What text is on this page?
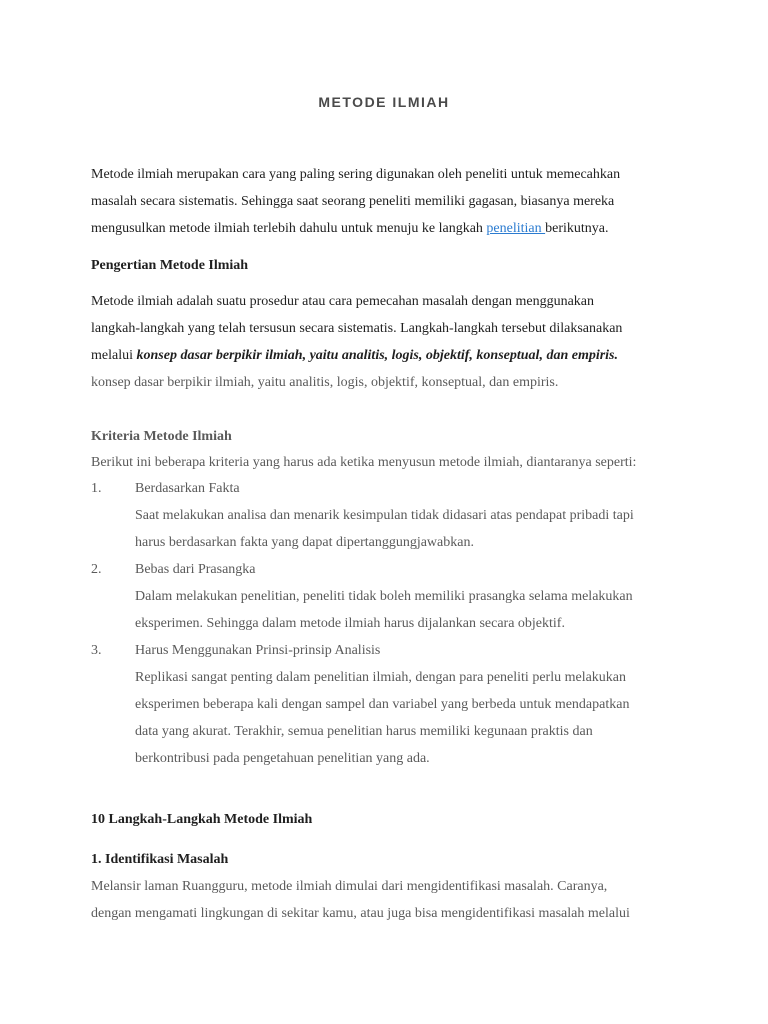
METODE ILMIAH
Metode ilmiah merupakan cara yang paling sering digunakan oleh peneliti untuk memecahkan
masalah secara sistematis. Sehingga saat seorang peneliti memiliki gagasan, biasanya mereka
mengusulkan metode ilmiah terlebih dahulu untuk menuju ke langkah penelitian berikutnya.
Pengertian Metode Ilmiah
Metode ilmiah adalah suatu prosedur atau cara pemecahan masalah dengan menggunakan
langkah-langkah yang telah tersusun secara sistematis. Langkah-langkah tersebut dilaksanakan
melalui konsep dasar berpikir ilmiah, yaitu analitis, logis, objektif, konseptual, dan empiris.
konsep dasar berpikir ilmiah, yaitu analitis, logis, objektif, konseptual, dan empiris.
Kriteria Metode Ilmiah
Berikut ini beberapa kriteria yang harus ada ketika menyusun metode ilmiah, diantaranya seperti:
1. Berdasarkan Fakta
Saat melakukan analisa dan menarik kesimpulan tidak didasari atas pendapat pribadi tapi
harus berdasarkan fakta yang dapat dipertanggungjawabkan.
2. Bebas dari Prasangka
Dalam melakukan penelitian, peneliti tidak boleh memiliki prasangka selama melakukan
eksperimen. Sehingga dalam metode ilmiah harus dijalankan secara objektif.
3. Harus Menggunakan Prinsi-prinsip Analisis
Replikasi sangat penting dalam penelitian ilmiah, dengan para peneliti perlu melakukan
eksperimen beberapa kali dengan sampel dan variabel yang berbeda untuk mendapatkan
data yang akurat. Terakhir, semua penelitian harus memiliki kegunaan praktis dan
berkontribusi pada pengetahuan penelitian yang ada.
10 Langkah-Langkah Metode Ilmiah
1. Identifikasi Masalah
Melansir laman Ruangguru, metode ilmiah dimulai dari mengidentifikasi masalah. Caranya,
dengan mengamati lingkungan di sekitar kamu, atau juga bisa mengidentifikasi masalah melalui
